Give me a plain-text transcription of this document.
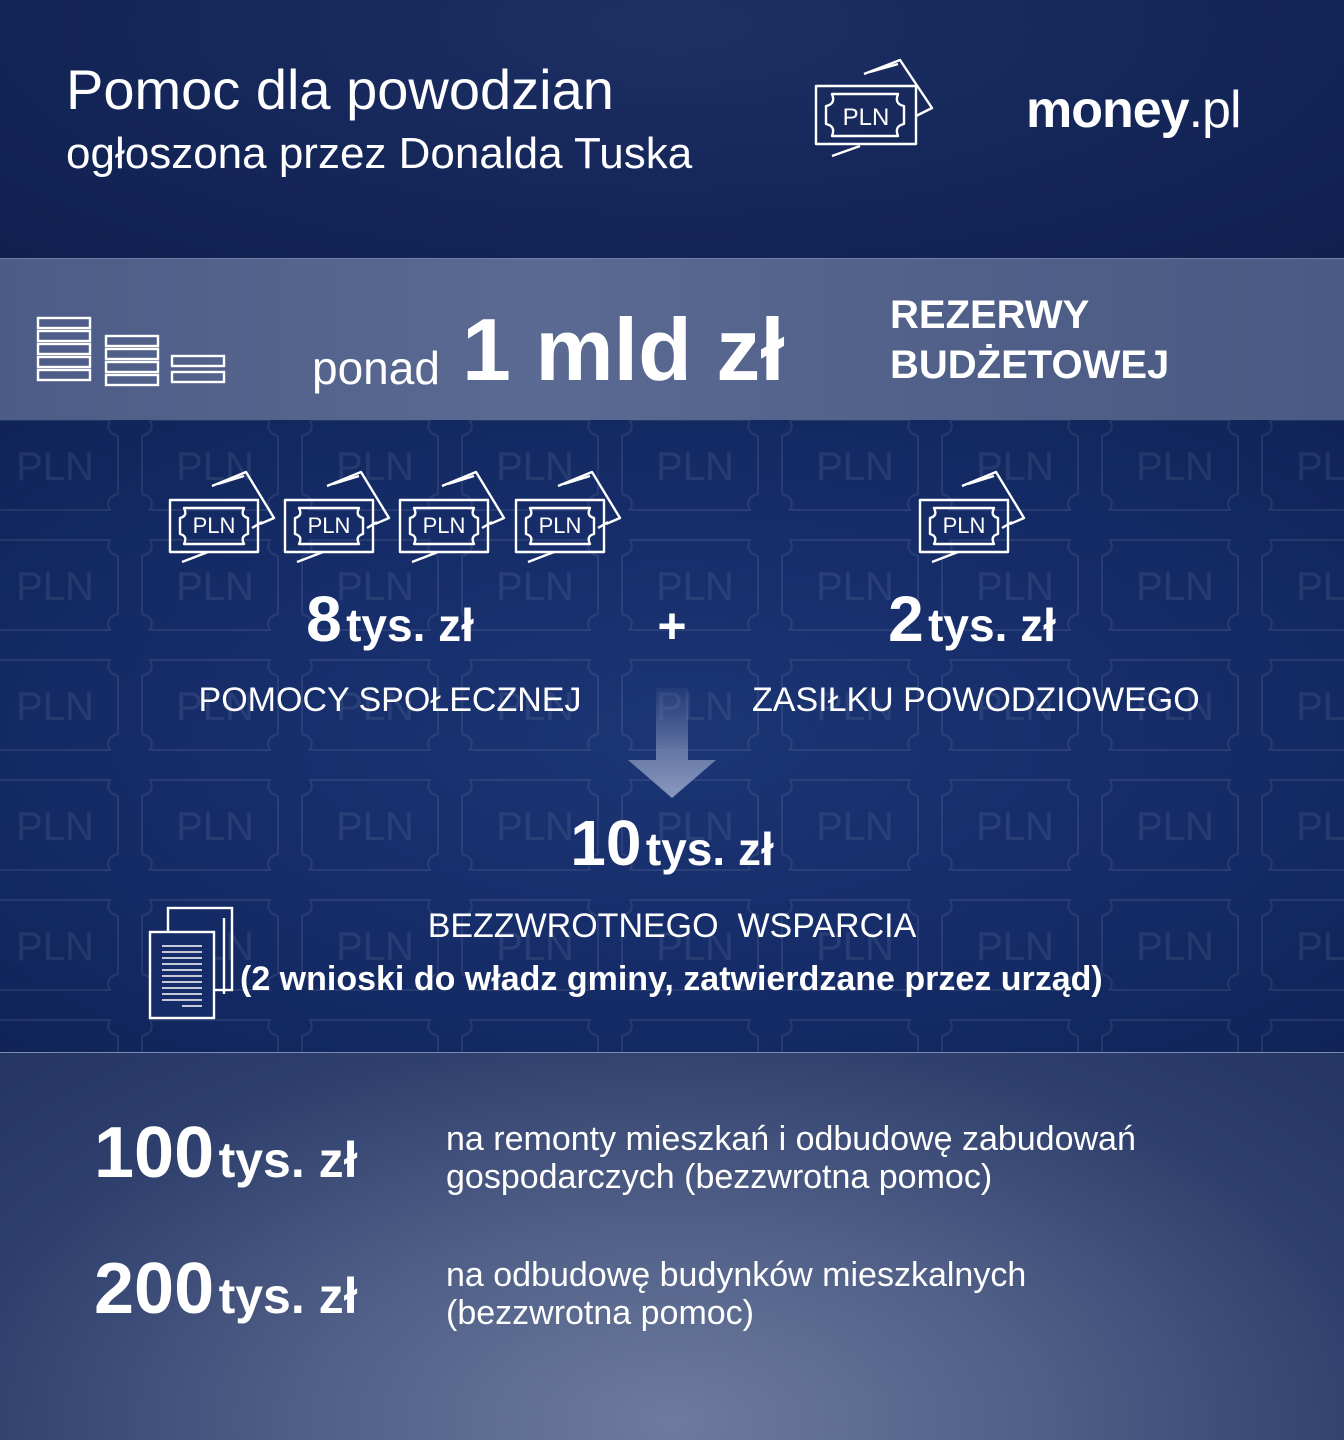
Pomoc dla powodzian
ogłoszona przez Donalda Tuska
PLN	money.pl
ponad 1 mld zł	REZERWY
BUDŻETOWEJ
PLN	PLN	PLN	PLN	PLN
8 tys. zł	+	2 tys. zł
POMOCY SPOŁECZNEJ	ZASIŁKU POWODZIOWEGO
10 tys. zł
BEZZWROTNEGO  WSPARCIA
(2 wnioski do władz gminy, zatwierdzane przez urząd)
100 tys. zł	na remonty mieszkań i odbudowę zabudowań
gospodarczych (bezzwrotna pomoc)
200 tys. zł	na odbudowę budynków mieszkalnych
(bezzwrotna pomoc)
